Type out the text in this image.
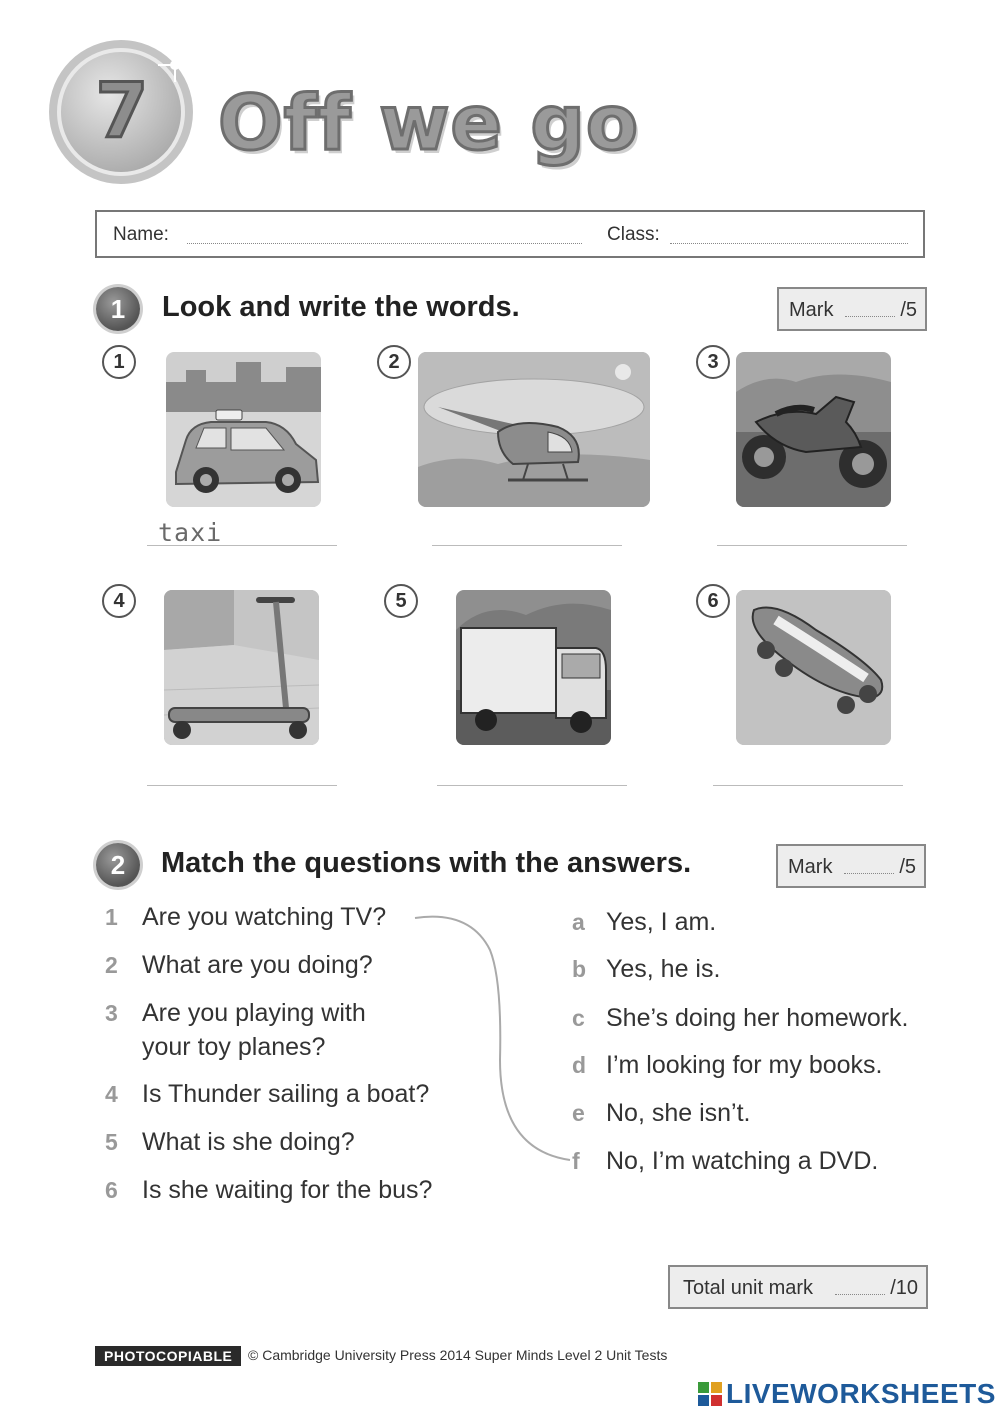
7 Off we go
Name:	Class:
1	Look and write the words.	Mark	/5
1	2	3
4	5	6
taxi
2	Match the questions with the answers.	Mark	/5
1 Are you watching TV?
2 What are you doing?
3 Are you playing with
your toy planes?
4 Is Thunder sailing a boat?
5 What is she doing?
6 Is she waiting for the bus?
a Yes, I am.
b Yes, he is.
c She’s doing her homework.
d I’m looking for my books.
e No, she isn’t.
f No, I’m watching a DVD.
Total unit mark	/10
PHOTOCOPIABLE	© Cambridge University Press 2014 Super Minds Level 2 Unit Tests
LIVEWORKSHEETS
